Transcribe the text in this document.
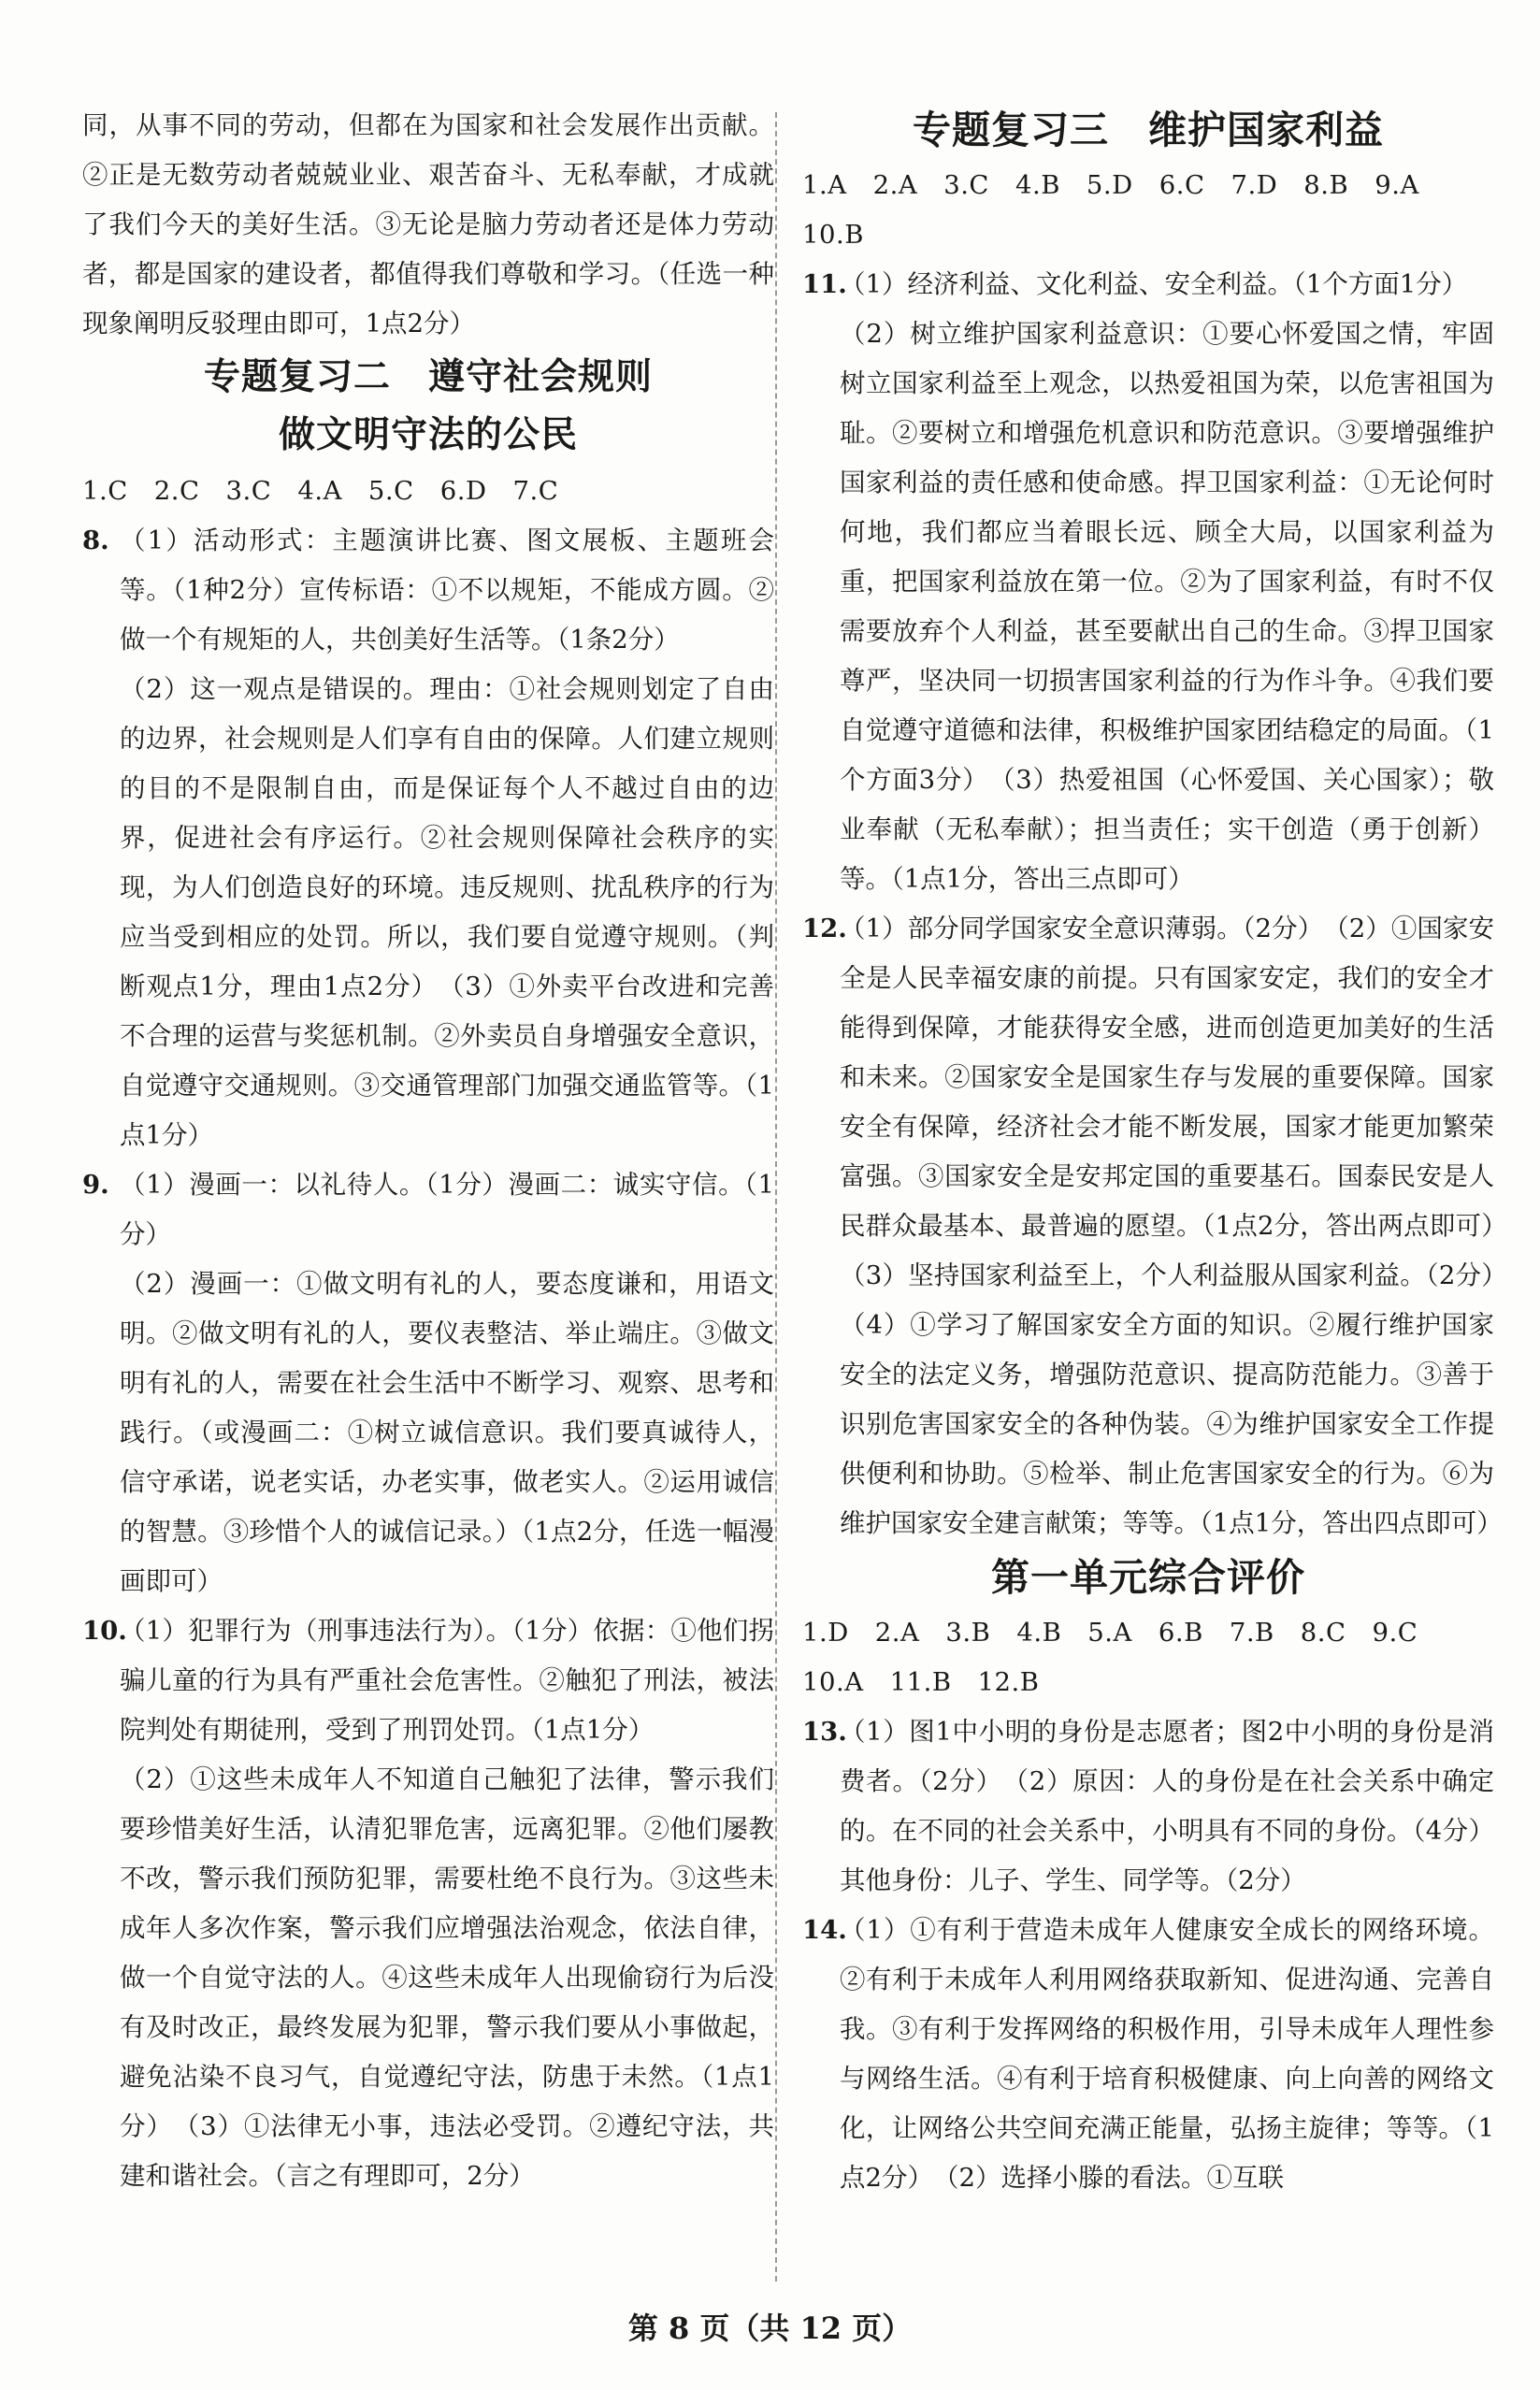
同，从事不同的劳动，但都在为国家和社会发展作出贡献。②正是无数劳动者兢兢业业、艰苦奋斗、无私奉献，才成就了我们今天的美好生活。③无论是脑力劳动者还是体力劳动者，都是国家的建设者，都值得我们尊敬和学习。（任选一种现象阐明反驳理由即可，1点2分）
专题复习二　遵守社会规则
做文明守法的公民
1.C　2.C　3.C　4.A　5.C　6.D　7.C
8. （1）活动形式：主题演讲比赛、图文展板、主题班会等。（1种2分）宣传标语：①不以规矩，不能成方圆。②做一个有规矩的人，共创美好生活等。（1条2分）
（2）这一观点是错误的。理由：①社会规则划定了自由的边界，社会规则是人们享有自由的保障。人们建立规则的目的不是限制自由，而是保证每个人不越过自由的边界，促进社会有序运行。②社会规则保障社会秩序的实现，为人们创造良好的环境。违反规则、扰乱秩序的行为应当受到相应的处罚。所以，我们要自觉遵守规则。（判断观点1分，理由1点2分）　（3）①外卖平台改进和完善不合理的运营与奖惩机制。②外卖员自身增强安全意识，自觉遵守交通规则。③交通管理部门加强交通监管等。（1点1分）
9. （1）漫画一：以礼待人。（1分）漫画二：诚实守信。（1分）
（2）漫画一：①做文明有礼的人，要态度谦和，用语文明。②做文明有礼的人，要仪表整洁、举止端庄。③做文明有礼的人，需要在社会生活中不断学习、观察、思考和践行。（或漫画二：①树立诚信意识。我们要真诚待人，信守承诺，说老实话，办老实事，做老实人。②运用诚信的智慧。③珍惜个人的诚信记录。）（1点2分，任选一幅漫画即可）
10.
（1）犯罪行为（刑事违法行为）。（1分）依据：①他们拐骗儿童的行为具有严重社会危害性。②触犯了刑法，被法院判处有期徒刑，受到了刑罚处罚。（1点1分）
（2）①这些未成年人不知道自己触犯了法律，警示我们要珍惜美好生活，认清犯罪危害，远离犯罪。②他们屡教不改，警示我们预防犯罪，需要杜绝不良行为。③这些未成年人多次作案，警示我们应增强法治观念，依法自律，做一个自觉守法的人。④这些未成年人出现偷窃行为后没有及时改正，最终发展为犯罪，警示我们要从小事做起，避免沾染不良习气，自觉遵纪守法，防患于未然。（1点1分）　（3）①法律无小事，违法必受罚。②遵纪守法，共建和谐社会。（言之有理即可，2分）
专题复习三　维护国家利益
1.A　2.A　3.C　4.B　5.D　6.C　7.D　8.B　9.A
10.B
11.
（1）经济利益、文化利益、安全利益。（1个方面1分）
（2）树立维护国家利益意识：①要心怀爱国之情，牢固树立国家利益至上观念，以热爱祖国为荣，以危害祖国为耻。②要树立和增强危机意识和防范意识。③要增强维护国家利益的责任感和使命感。捍卫国家利益：①无论何时何地，我们都应当着眼长远、顾全大局，以国家利益为重，把国家利益放在第一位。②为了国家利益，有时不仅需要放弃个人利益，甚至要献出自己的生命。③捍卫国家尊严，坚决同一切损害国家利益的行为作斗争。④我们要自觉遵守道德和法律，积极维护国家团结稳定的局面。（1个方面3分）　（3）热爱祖国（心怀爱国、关心国家）；敬业奉献（无私奉献）；担当责任；实干创造（勇于创新）等。（1点1分，答出三点即可）
12.
（1）部分同学国家安全意识薄弱。（2分）　（2）①国家安全是人民幸福安康的前提。只有国家安定，我们的安全才能得到保障，才能获得安全感，进而创造更加美好的生活和未来。②国家安全是国家生存与发展的重要保障。国家安全有保障，经济社会才能不断发展，国家才能更加繁荣富强。③国家安全是安邦定国的重要基石。国泰民安是人民群众最基本、最普遍的愿望。（1点2分，答出两点即可）　（3）坚持国家利益至上，个人利益服从国家利益。（2分）　（4）①学习了解国家安全方面的知识。②履行维护国家安全的法定义务，增强防范意识、提高防范能力。③善于识别危害国家安全的各种伪装。④为维护国家安全工作提供便利和协助。⑤检举、制止危害国家安全的行为。⑥为维护国家安全建言献策；等等。（1点1分，答出四点即可）
第一单元综合评价
1.D　2.A　3.B　4.B　5.A　6.B　7.B　8.C　9.C
10.A　11.B　12.B
13.
（1）图1中小明的身份是志愿者；图2中小明的身份是消费者。（2分）　（2）原因：人的身份是在社会关系中确定的。在不同的社会关系中，小明具有不同的身份。（4分）其他身份：儿子、学生、同学等。（2分）
14.
（1）①有利于营造未成年人健康安全成长的网络环境。②有利于未成年人利用网络获取新知、促进沟通、完善自我。③有利于发挥网络的积极作用，引导未成年人理性参与网络生活。④有利于培育积极健康、向上向善的网络文化，让网络公共空间充满正能量，弘扬主旋律；等等。（1点2分）　（2）选择小滕的看法。①互联
第 8 页（共 12 页）
